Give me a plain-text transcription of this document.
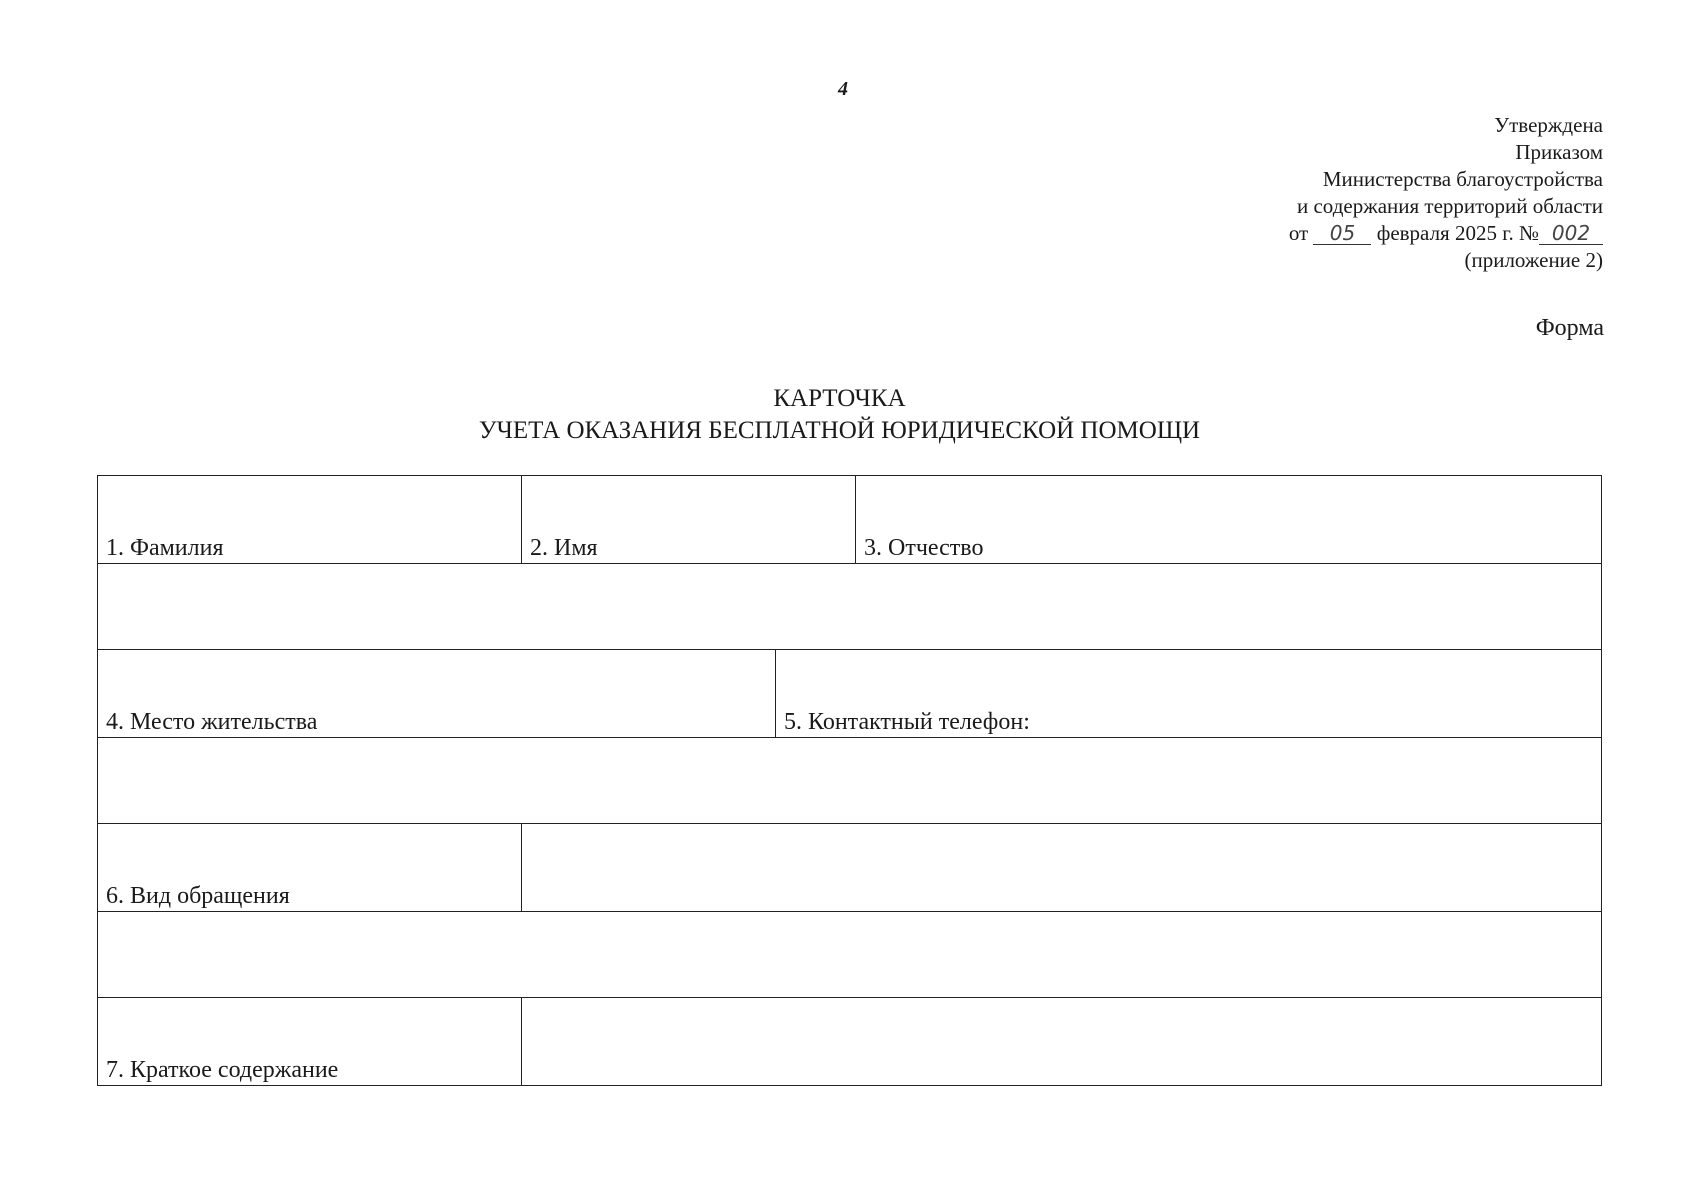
4
Утверждена
Приказом
Министерства благоустройства
и содержания территорий области
от 05 февраля 2025 г. № 002
(приложение 2)
Форма
КАРТОЧКА
УЧЕТА ОКАЗАНИЯ БЕСПЛАТНОЙ ЮРИДИЧЕСКОЙ ПОМОЩИ
1. Фамилия	2. Имя		3. Отчество

4. Место жительства		5. Контактный телефон:	

6. Вид обращения			

7. Краткое содержание			
